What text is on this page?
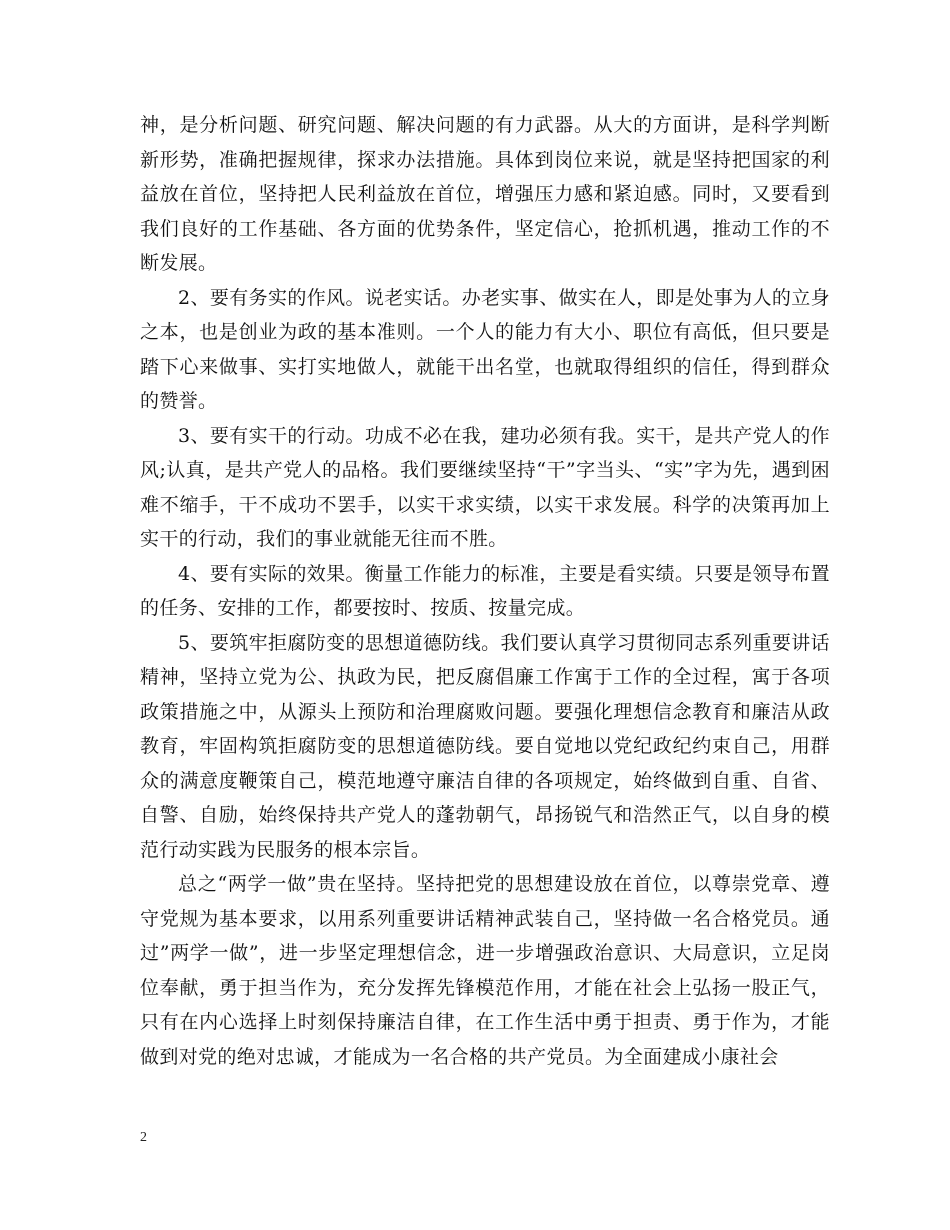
神，是分析问题、研究问题、解决问题的有力武器。从大的方面讲，是科学判断新形势，准确把握规律，探求办法措施。具体到岗位来说，就是坚持把国家的利益放在首位，坚持把人民利益放在首位，增强压力感和紧迫感。同时，又要看到我们良好的工作基础、各方面的优势条件，坚定信心，抢抓机遇，推动工作的不断发展。

2、要有务实的作风。说老实话。办老实事、做实在人，即是处事为人的立身之本，也是创业为政的基本准则。一个人的能力有大小、职位有高低，但只要是踏下心来做事、实打实地做人，就能干出名堂，也就取得组织的信任，得到群众的赞誉。

3、要有实干的行动。功成不必在我，建功必须有我。实干，是共产党人的作风;认真，是共产党人的品格。我们要继续坚持“干”字当头、“实”字为先，遇到困难不缩手，干不成功不罢手，以实干求实绩，以实干求发展。科学的决策再加上实干的行动，我们的事业就能无往而不胜。

4、要有实际的效果。衡量工作能力的标准，主要是看实绩。只要是领导布置的任务、安排的工作，都要按时、按质、按量完成。

5、要筑牢拒腐防变的思想道德防线。我们要认真学习贯彻同志系列重要讲话精神，坚持立党为公、执政为民，把反腐倡廉工作寓于工作的全过程，寓于各项政策措施之中，从源头上预防和治理腐败问题。要强化理想信念教育和廉洁从政教育，牢固构筑拒腐防变的思想道德防线。要自觉地以党纪政纪约束自己，用群众的满意度鞭策自己，模范地遵守廉洁自律的各项规定，始终做到自重、自省、自警、自励，始终保持共产党人的蓬勃朝气，昂扬锐气和浩然正气，以自身的模范行动实践为民服务的根本宗旨。

总之“两学一做”贵在坚持。坚持把党的思想建设放在首位，以尊崇党章、遵守党规为基本要求，以用系列重要讲话精神武装自己，坚持做一名合格党员。通过”两学一做”，进一步坚定理想信念，进一步增强政治意识、大局意识，立足岗位奉献，勇于担当作为，充分发挥先锋模范作用，才能在社会上弘扬一股正气，只有在内心选择上时刻保持廉洁自律，在工作生活中勇于担责、勇于作为，才能做到对党的绝对忠诚，才能成为一名合格的共产党员。为全面建成小康社会

2
